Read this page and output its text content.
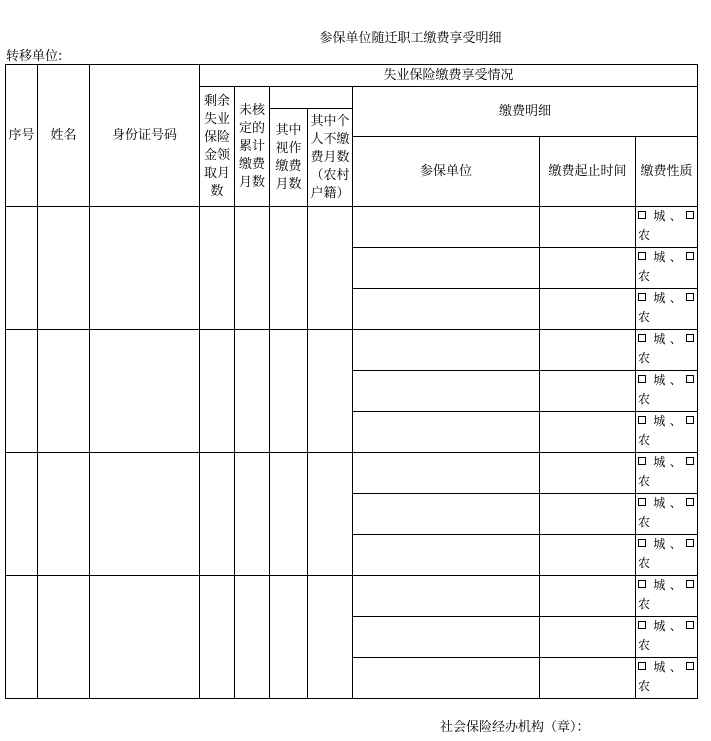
参保单位随迁职工缴费享受明细
转移单位:
序号	姓名	身份证号码	失业保险缴费享受情况						
			剩余失业保险金领取月数	未核定的累计缴费月数			缴费明细		
					其中视作缴费月数	其中个人不缴费月数（农村户籍）			
							参保单位	缴费起止时间	缴费性质

									城、
农

									城、
农

									城、
农

									城、
农

									城、
农

									城、
农

									城、
农

									城、
农

									城、
农

									城、
农

									城、
农

									城、
农
社会保险经办机构（章）：
